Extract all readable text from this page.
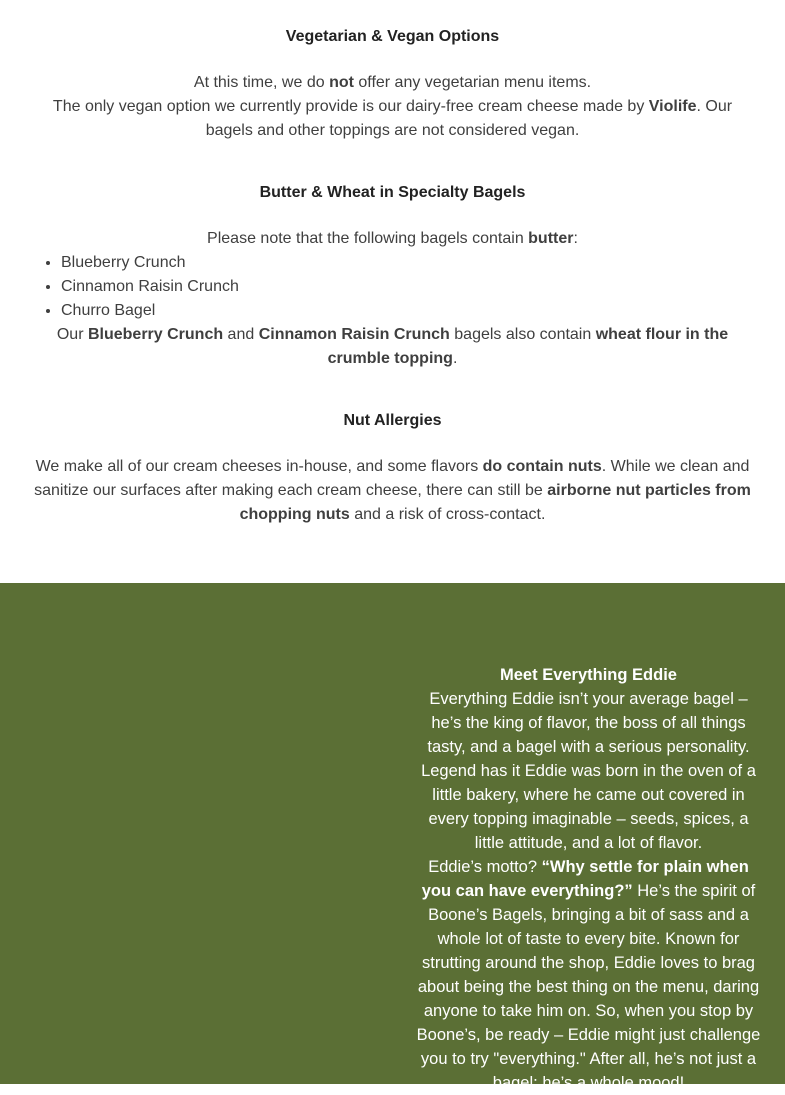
Vegetarian & Vegan Options

At this time, we do not offer any vegetarian menu items.

The only vegan option we currently provide is our dairy-free cream cheese made by Violife. Our bagels and other toppings are not considered vegan.

Butter & Wheat in Specialty Bagels

Please note that the following bagels contain butter:

• Blueberry Crunch
• Cinnamon Raisin Crunch
• Churro Bagel

Our Blueberry Crunch and Cinnamon Raisin Crunch bagels also contain wheat flour in the crumble topping.

Nut Allergies

We make all of our cream cheeses in-house, and some flavors do contain nuts. While we clean and sanitize our surfaces after making each cream cheese, there can still be airborne nut particles from chopping nuts and a risk of cross-contact.

Meet Everything Eddie

Everything Eddie isn’t your average bagel – he’s the king of flavor, the boss of all things tasty, and a bagel with a serious personality. Legend has it Eddie was born in the oven of a little bakery, where he came out covered in every topping imaginable – seeds, spices, a little attitude, and a lot of flavor.

Eddie’s motto? “Why settle for plain when you can have everything?” He’s the spirit of Boone’s Bagels, bringing a bit of sass and a whole lot of taste to every bite. Known for strutting around the shop, Eddie loves to brag about being the best thing on the menu, daring anyone to take him on. So, when you stop by Boone’s, be ready – Eddie might just challenge you to try "everything." After all, he’s not just a bagel; he’s a whole mood!
